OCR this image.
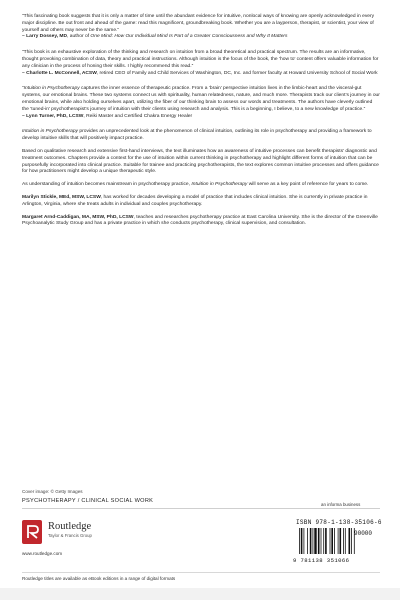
“This fascinating book suggests that it is only a matter of time until the abundant evidence for intuitive, nonlocal ways of knowing are openly acknowledged in every major discipline. Be out front and ahead of the game: read this magnificent, groundbreaking book. Whether you are a layperson, therapist, or scientist, your view of yourself and others may never be the same.”
– Larry Dossey, MD, author of One Mind: How Our Individual Mind Is Part of a Greater Consciousness and Why It Matters

“This book is an exhaustive exploration of the thinking and research on intuition from a broad theoretical and practical spectrum. The results are an informative, thought provoking combination of data, theory and practical instructions. Although intuition is the focus of the book, the ‘how to’ content offers valuable information for any clinician in the process of honing their skills. I highly recommend this read.”
– Charlotte L. McConnell, ACSW, retired CEO of Family and Child Services of Washington, DC, Inc. and former faculty at Howard University School of Social Work

“Intuition in Psychotherapy captures the inner essence of therapeutic practice. From a ‘brain’ perspective intuition lives in the limbic-heart and the visceral-gut systems, our emotional brains. These two systems connect us with spirituality, human relatedness, nature, and much more. Therapists track our client’s journey in our emotional brains, while also holding ourselves apart, utilizing the fiber of our thinking brain to assess our words and treatments. The authors have cleverly outlined the ‘tuned-in’ psychotherapist’s journey of intuition with their clients using research and analysis. This is a beginning, I believe, to a new knowledge of practice.”
– Lynn Turner, PhD, LCSW, Reiki Master and Certified Chakra Energy Healer

Intuition in Psychotherapy provides an unprecedented look at the phenomenon of clinical intuition, outlining its role in psychotherapy and providing a framework to develop intuitive skills that will positively impact practice.

Based on qualitative research and extensive first-hand interviews, the text illuminates how an awareness of intuitive processes can benefit therapists’ diagnostic and treatment outcomes. Chapters provide a context for the use of intuition within current thinking in psychotherapy and highlight different forms of intuition that can be purposefully incorporated into clinical practice. Suitable for trainee and practicing psychotherapists, the text explores common intuitive processes and offers guidance for how practitioners might develop a unique therapeutic style.

As understanding of intuition becomes mainstream in psychotherapy practice, Intuition in Psychotherapy will serve as a key point of reference for years to come.

Marilyn Stickle, MEd, MSW, LCSW, has worked for decades developing a model of practice that includes clinical intuition. She is currently in private practice in Arlington, Virginia, where she treats adults in individual and couples psychotherapy.

Margaret Arnd-Caddigan, MA, MSW, PhD, LCSW, teaches and researches psychotherapy practice at East Carolina University. She is the director of the Greenville Psychoanalytic Study Group and has a private practice in which she conducts psychotherapy, clinical supervision, and consultation.

Cover image: © Getty Images
PSYCHOTHERAPY / CLINICAL SOCIAL WORK
an informa business
Routledge
Taylor & Francis Group
www.routledge.com
ISBN 978-1-138-35106-6
90000
9 781138 351066
Routledge titles are available as eBook editions in a range of digital formats
